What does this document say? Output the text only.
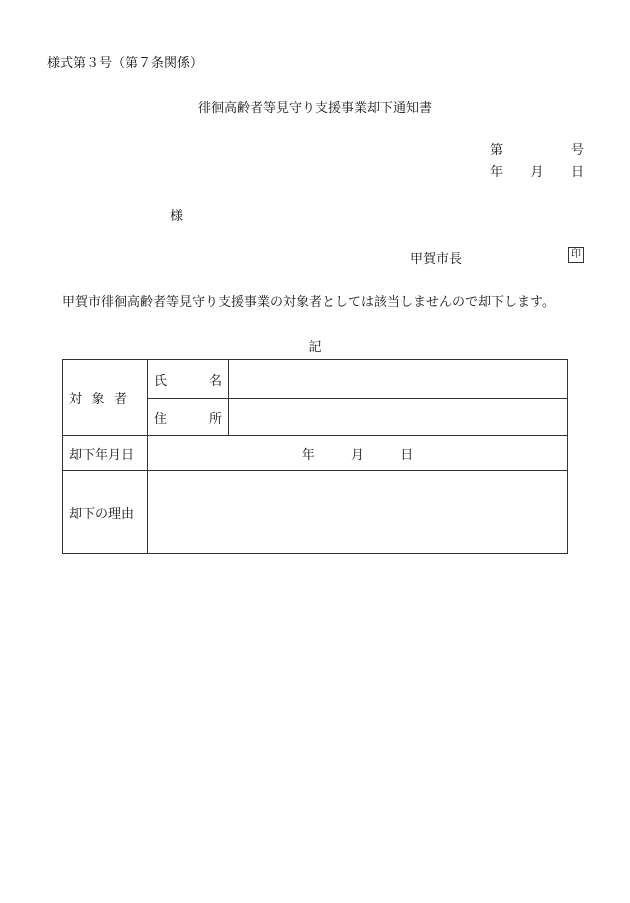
様式第３号（第７条関係）
徘徊高齢者等見守り支援事業却下通知書
第	号
年 月 日
様
甲賀市長	印
甲賀市徘徊高齢者等見守り支援事業の対象者としては該当しませんので却下します。
記
対 象 者	氏 名	

	住 所	

却下年月日	年 月 日	
却下の理由		
